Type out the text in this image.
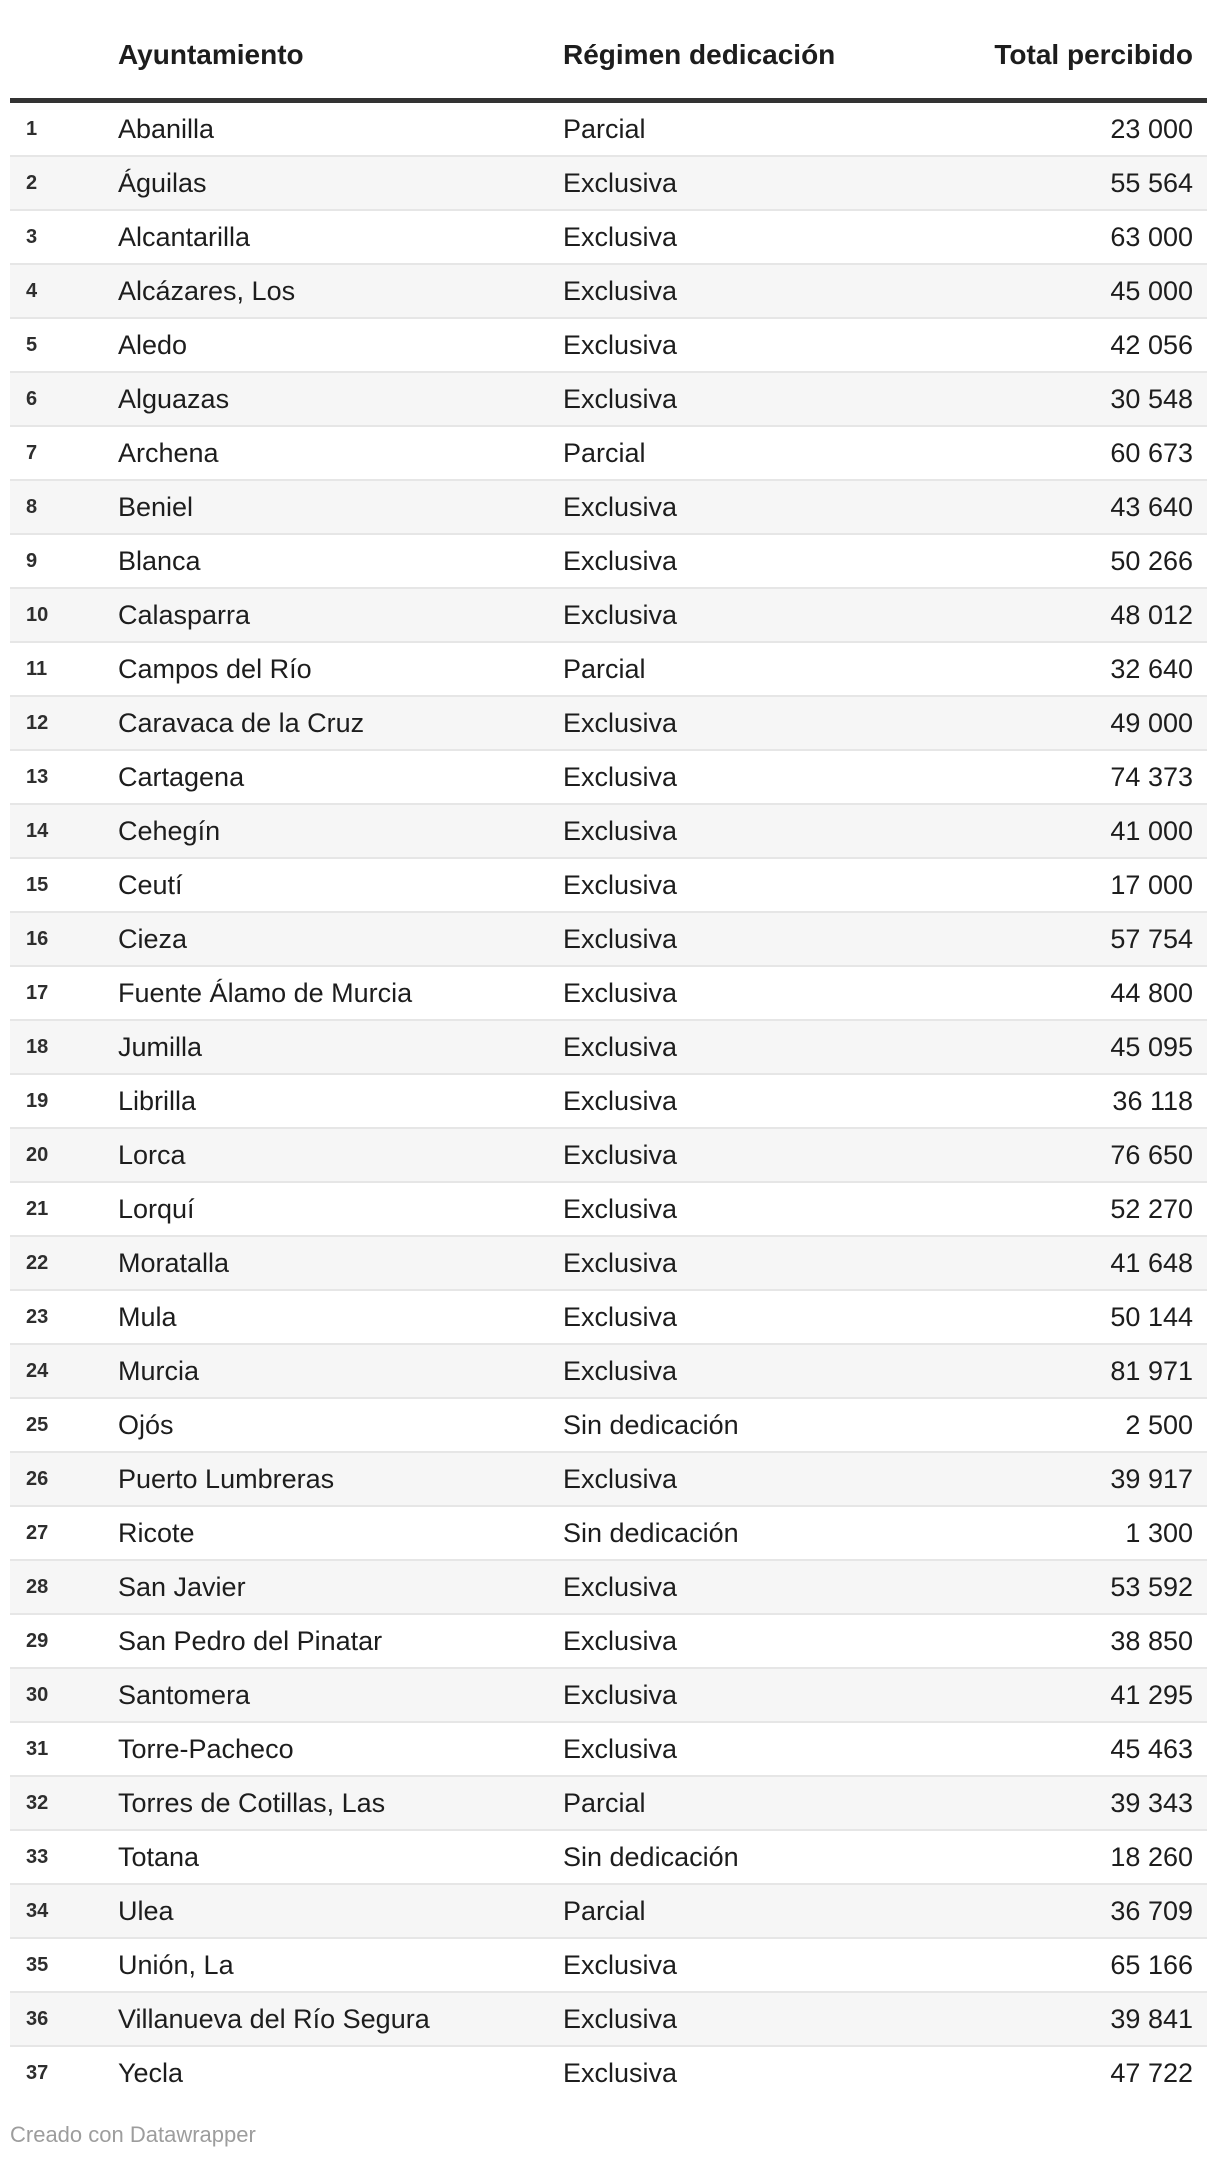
	Ayuntamiento	Régimen dedicación	Total percibido
1	Abanilla	Parcial	23 000
2	Águilas	Exclusiva	55 564
3	Alcantarilla	Exclusiva	63 000
4	Alcázares, Los	Exclusiva	45 000
5	Aledo	Exclusiva	42 056
6	Alguazas	Exclusiva	30 548
7	Archena	Parcial	60 673
8	Beniel	Exclusiva	43 640
9	Blanca	Exclusiva	50 266
10	Calasparra	Exclusiva	48 012
11	Campos del Río	Parcial	32 640
12	Caravaca de la Cruz	Exclusiva	49 000
13	Cartagena	Exclusiva	74 373
14	Cehegín	Exclusiva	41 000
15	Ceutí	Exclusiva	17 000
16	Cieza	Exclusiva	57 754
17	Fuente Álamo de Murcia	Exclusiva	44 800
18	Jumilla	Exclusiva	45 095
19	Librilla	Exclusiva	36 118
20	Lorca	Exclusiva	76 650
21	Lorquí	Exclusiva	52 270
22	Moratalla	Exclusiva	41 648
23	Mula	Exclusiva	50 144
24	Murcia	Exclusiva	81 971
25	Ojós	Sin dedicación	2 500
26	Puerto Lumbreras	Exclusiva	39 917
27	Ricote	Sin dedicación	1 300
28	San Javier	Exclusiva	53 592
29	San Pedro del Pinatar	Exclusiva	38 850
30	Santomera	Exclusiva	41 295
31	Torre-Pacheco	Exclusiva	45 463
32	Torres de Cotillas, Las	Parcial	39 343
33	Totana	Sin dedicación	18 260
34	Ulea	Parcial	36 709
35	Unión, La	Exclusiva	65 166
36	Villanueva del Río Segura	Exclusiva	39 841
37	Yecla	Exclusiva	47 722
Creado con Datawrapper
